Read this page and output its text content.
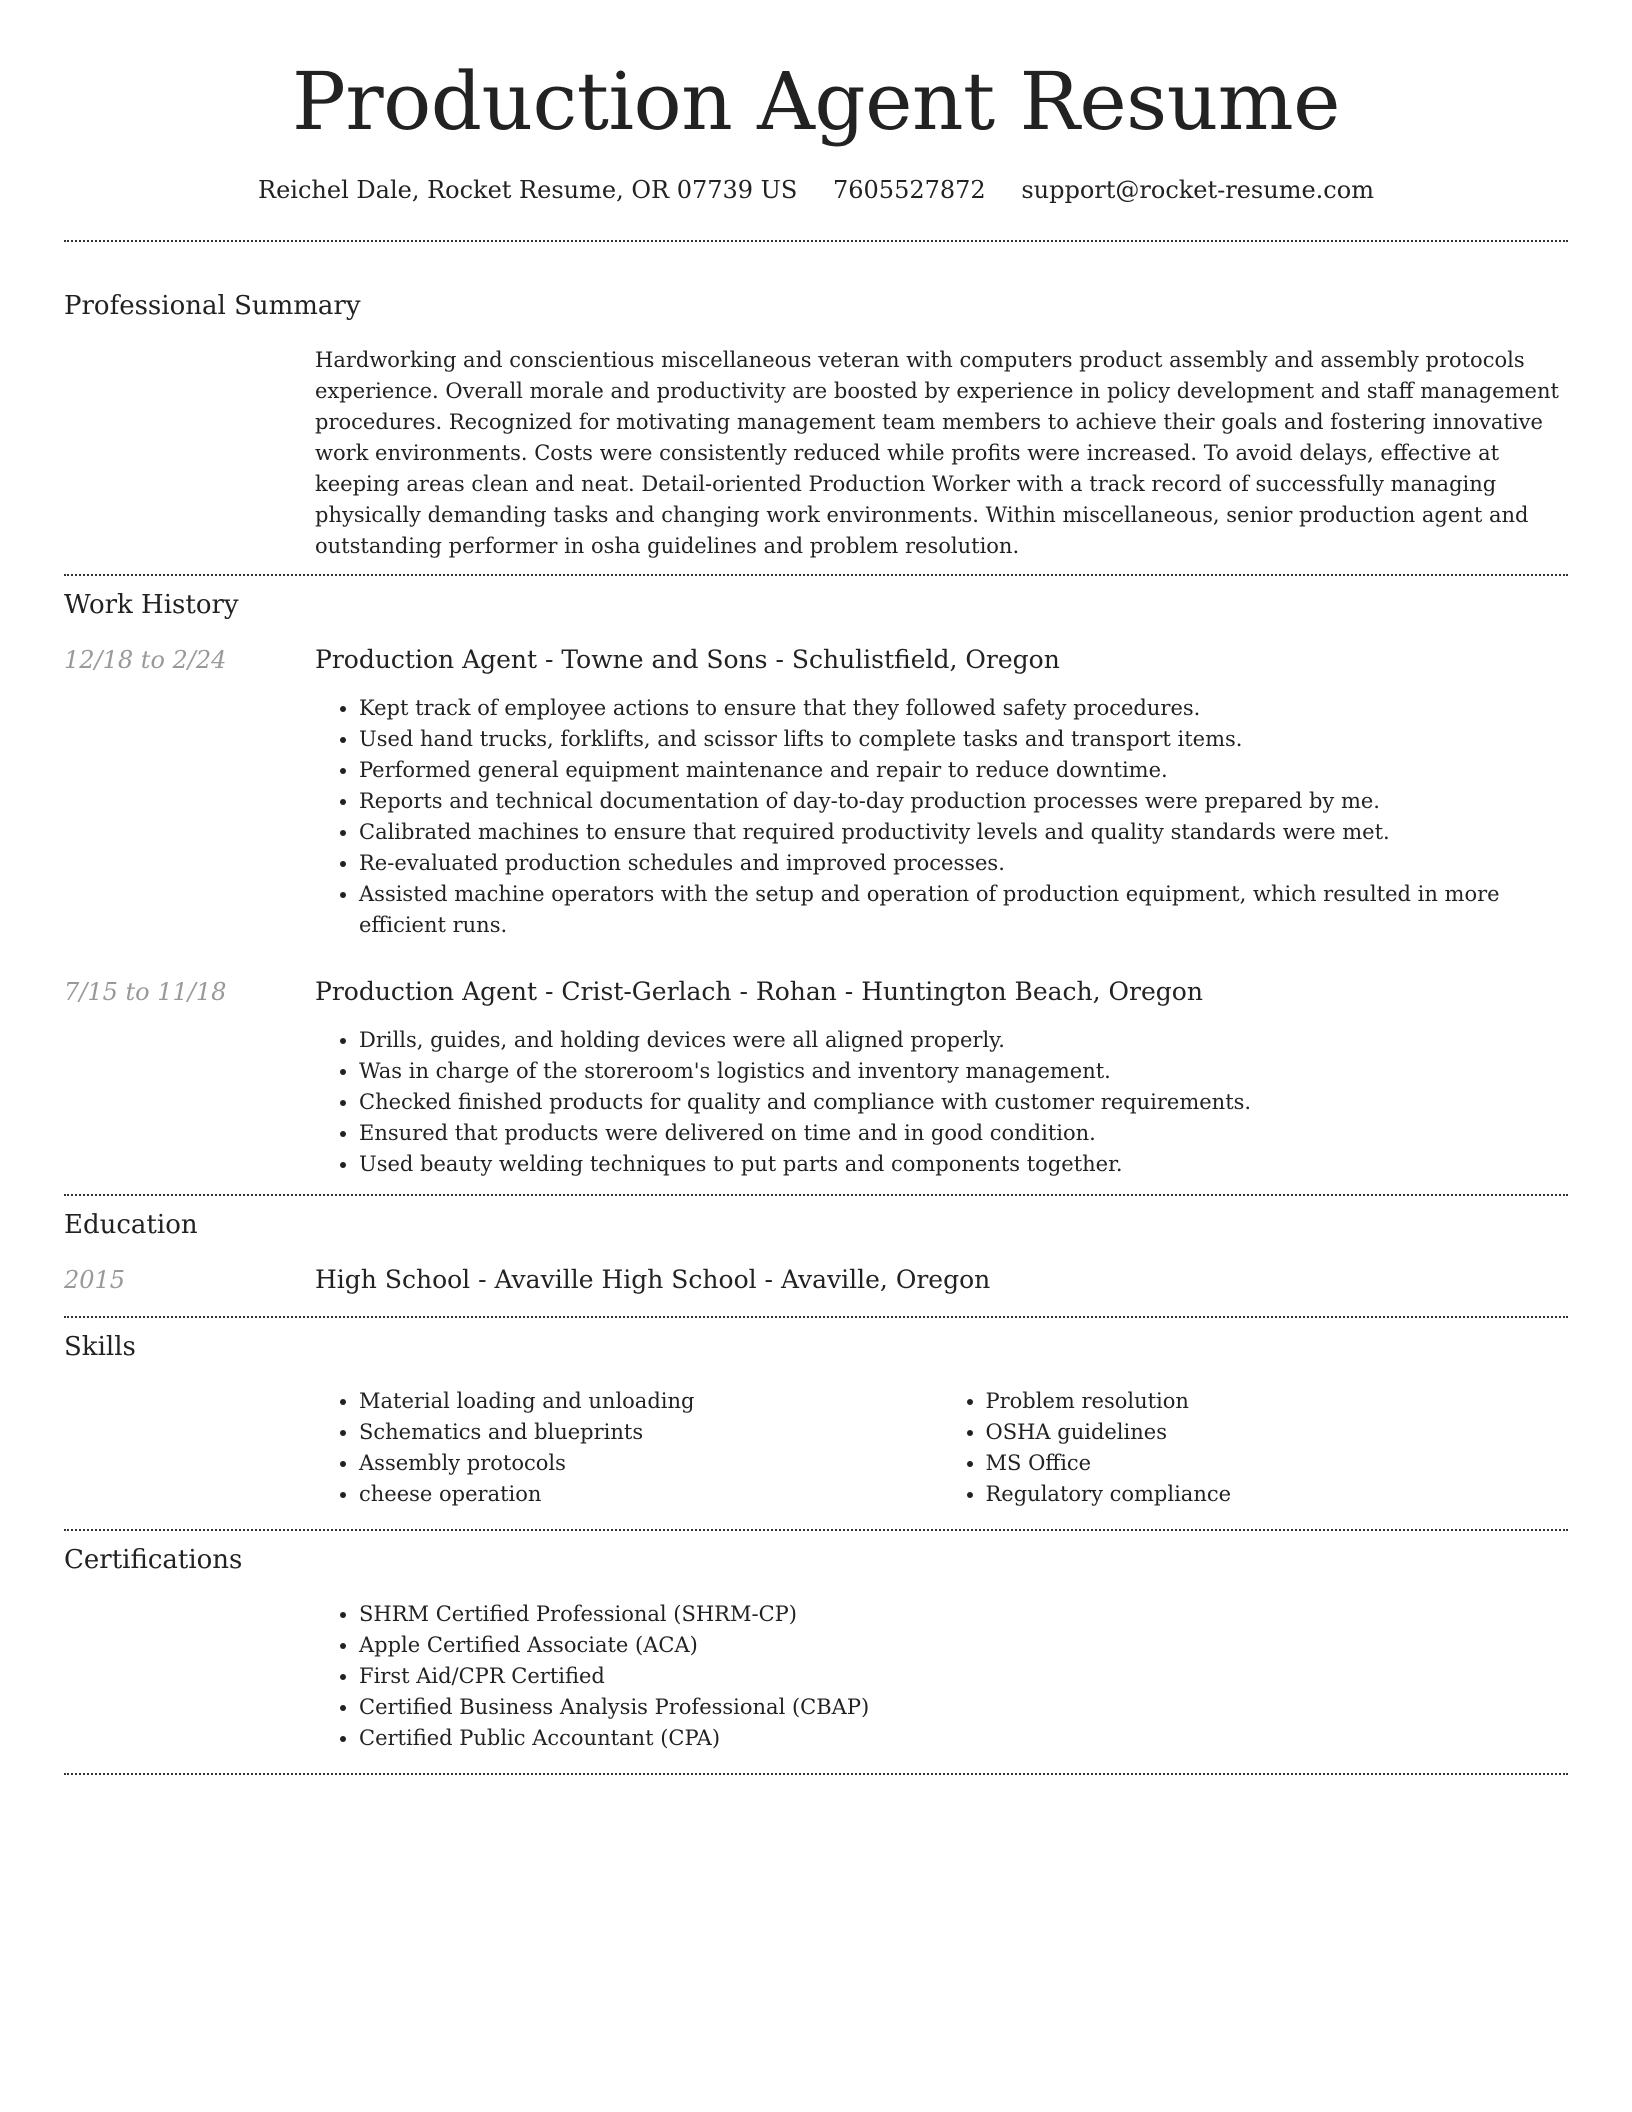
Production Agent Resume
Reichel Dale, Rocket Resume, OR 07739 US 7605527872 support@rocket-resume.com
Professional Summary

Hardworking and conscientious miscellaneous veteran with computers product assembly and assembly protocols experience. Overall morale and productivity are boosted by experience in policy development and staff management procedures. Recognized for motivating management team members to achieve their goals and fostering innovative work environments. Costs were consistently reduced while profits were increased. To avoid delays, effective at keeping areas clean and neat. Detail-oriented Production Worker with a track record of successfully managing physically demanding tasks and changing work environments. Within miscellaneous, senior production agent and outstanding performer in osha guidelines and problem resolution.

Work History
12/18 to 2/24	Production Agent - Towne and Sons - Schulistfield, Oregon
• Kept track of employee actions to ensure that they followed safety procedures.
• Used hand trucks, forklifts, and scissor lifts to complete tasks and transport items.
• Performed general equipment maintenance and repair to reduce downtime.
• Reports and technical documentation of day-to-day production processes were prepared by me.
• Calibrated machines to ensure that required productivity levels and quality standards were met.
• Re-evaluated production schedules and improved processes.
• Assisted machine operators with the setup and operation of production equipment, which resulted in more efficient runs.
7/15 to 11/18	Production Agent - Crist-Gerlach - Rohan - Huntington Beach, Oregon
• Drills, guides, and holding devices were all aligned properly.
• Was in charge of the storeroom's logistics and inventory management.
• Checked finished products for quality and compliance with customer requirements.
• Ensured that products were delivered on time and in good condition.
• Used beauty welding techniques to put parts and components together.
Education
2015	High School - Avaville High School - Avaville, Oregon
Skills
• Material loading and unloading
• Schematics and blueprints
• Assembly protocols
• cheese operation
• Problem resolution
• OSHA guidelines
• MS Office
• Regulatory compliance
Certifications
• SHRM Certified Professional (SHRM-CP)
• Apple Certified Associate (ACA)
• First Aid/CPR Certified
• Certified Business Analysis Professional (CBAP)
• Certified Public Accountant (CPA)
